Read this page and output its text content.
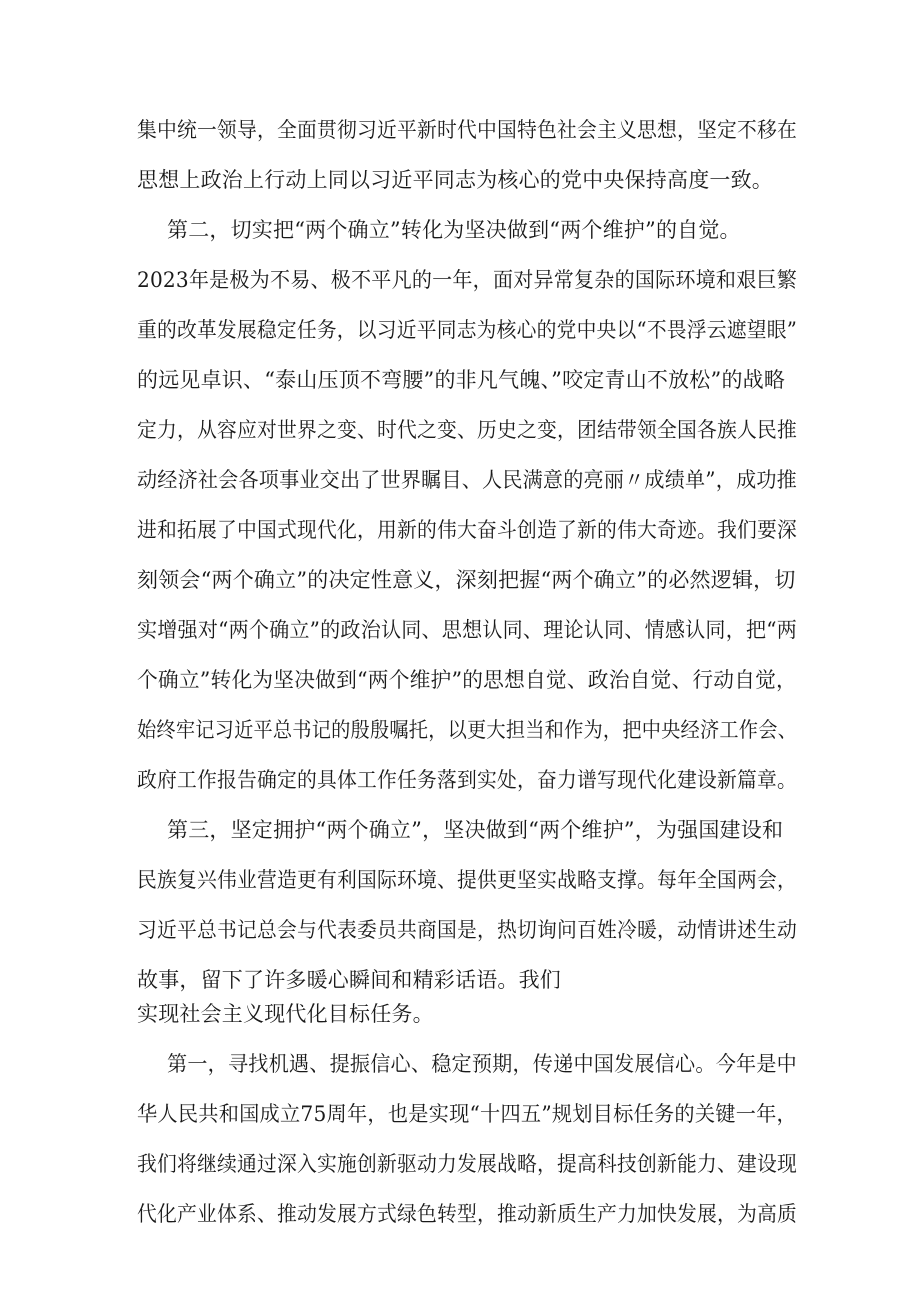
集中统一领导，全面贯彻习近平新时代中国特色社会主义思想，坚定不移在
思想上政治上行动上同以习近平同志为核心的党中央保持高度一致。
第二，切实把“两个确立”转化为坚决做到“两个维护”的自觉。
2023年是极为不易、极不平凡的一年，面对异常复杂的国际环境和艰巨繁
重的改革发展稳定任务，以习近平同志为核心的党中央以“不畏浮云遮望眼”
的远见卓识、“泰山压顶不弯腰”的非凡气魄、”咬定青山不放松”的战略
定力，从容应对世界之变、时代之变、历史之变，团结带领全国各族人民推
动经济社会各项事业交出了世界瞩目、人民满意的亮丽〃成绩单”，成功推
进和拓展了中国式现代化，用新的伟大奋斗创造了新的伟大奇迹。我们要深
刻领会“两个确立”的决定性意义，深刻把握“两个确立”的必然逻辑，切
实增强对“两个确立”的政治认同、思想认同、理论认同、情感认同，把“两
个确立”转化为坚决做到“两个维护”的思想自觉、政治自觉、行动自觉，
始终牢记习近平总书记的殷殷嘱托，以更大担当和作为，把中央经济工作会、
政府工作报告确定的具体工作任务落到实处，奋力谱写现代化建设新篇章。
第三，坚定拥护“两个确立”，坚决做到“两个维护”，为强国建设和
民族复兴伟业营造更有利国际环境、提供更坚实战略支撑。每年全国两会，
习近平总书记总会与代表委员共商国是，热切询问百姓冷暖，动情讲述生动
故事，留下了许多暖心瞬间和精彩话语。我们
实现社会主义现代化目标任务。
第一，寻找机遇、提振信心、稳定预期，传递中国发展信心。今年是中
华人民共和国成立75周年，也是实现“十四五”规划目标任务的关键一年，
我们将继续通过深入实施创新驱动力发展战略，提高科技创新能力、建设现
代化产业体系、推动发展方式绿色转型，推动新质生产力加快发展，为高质
